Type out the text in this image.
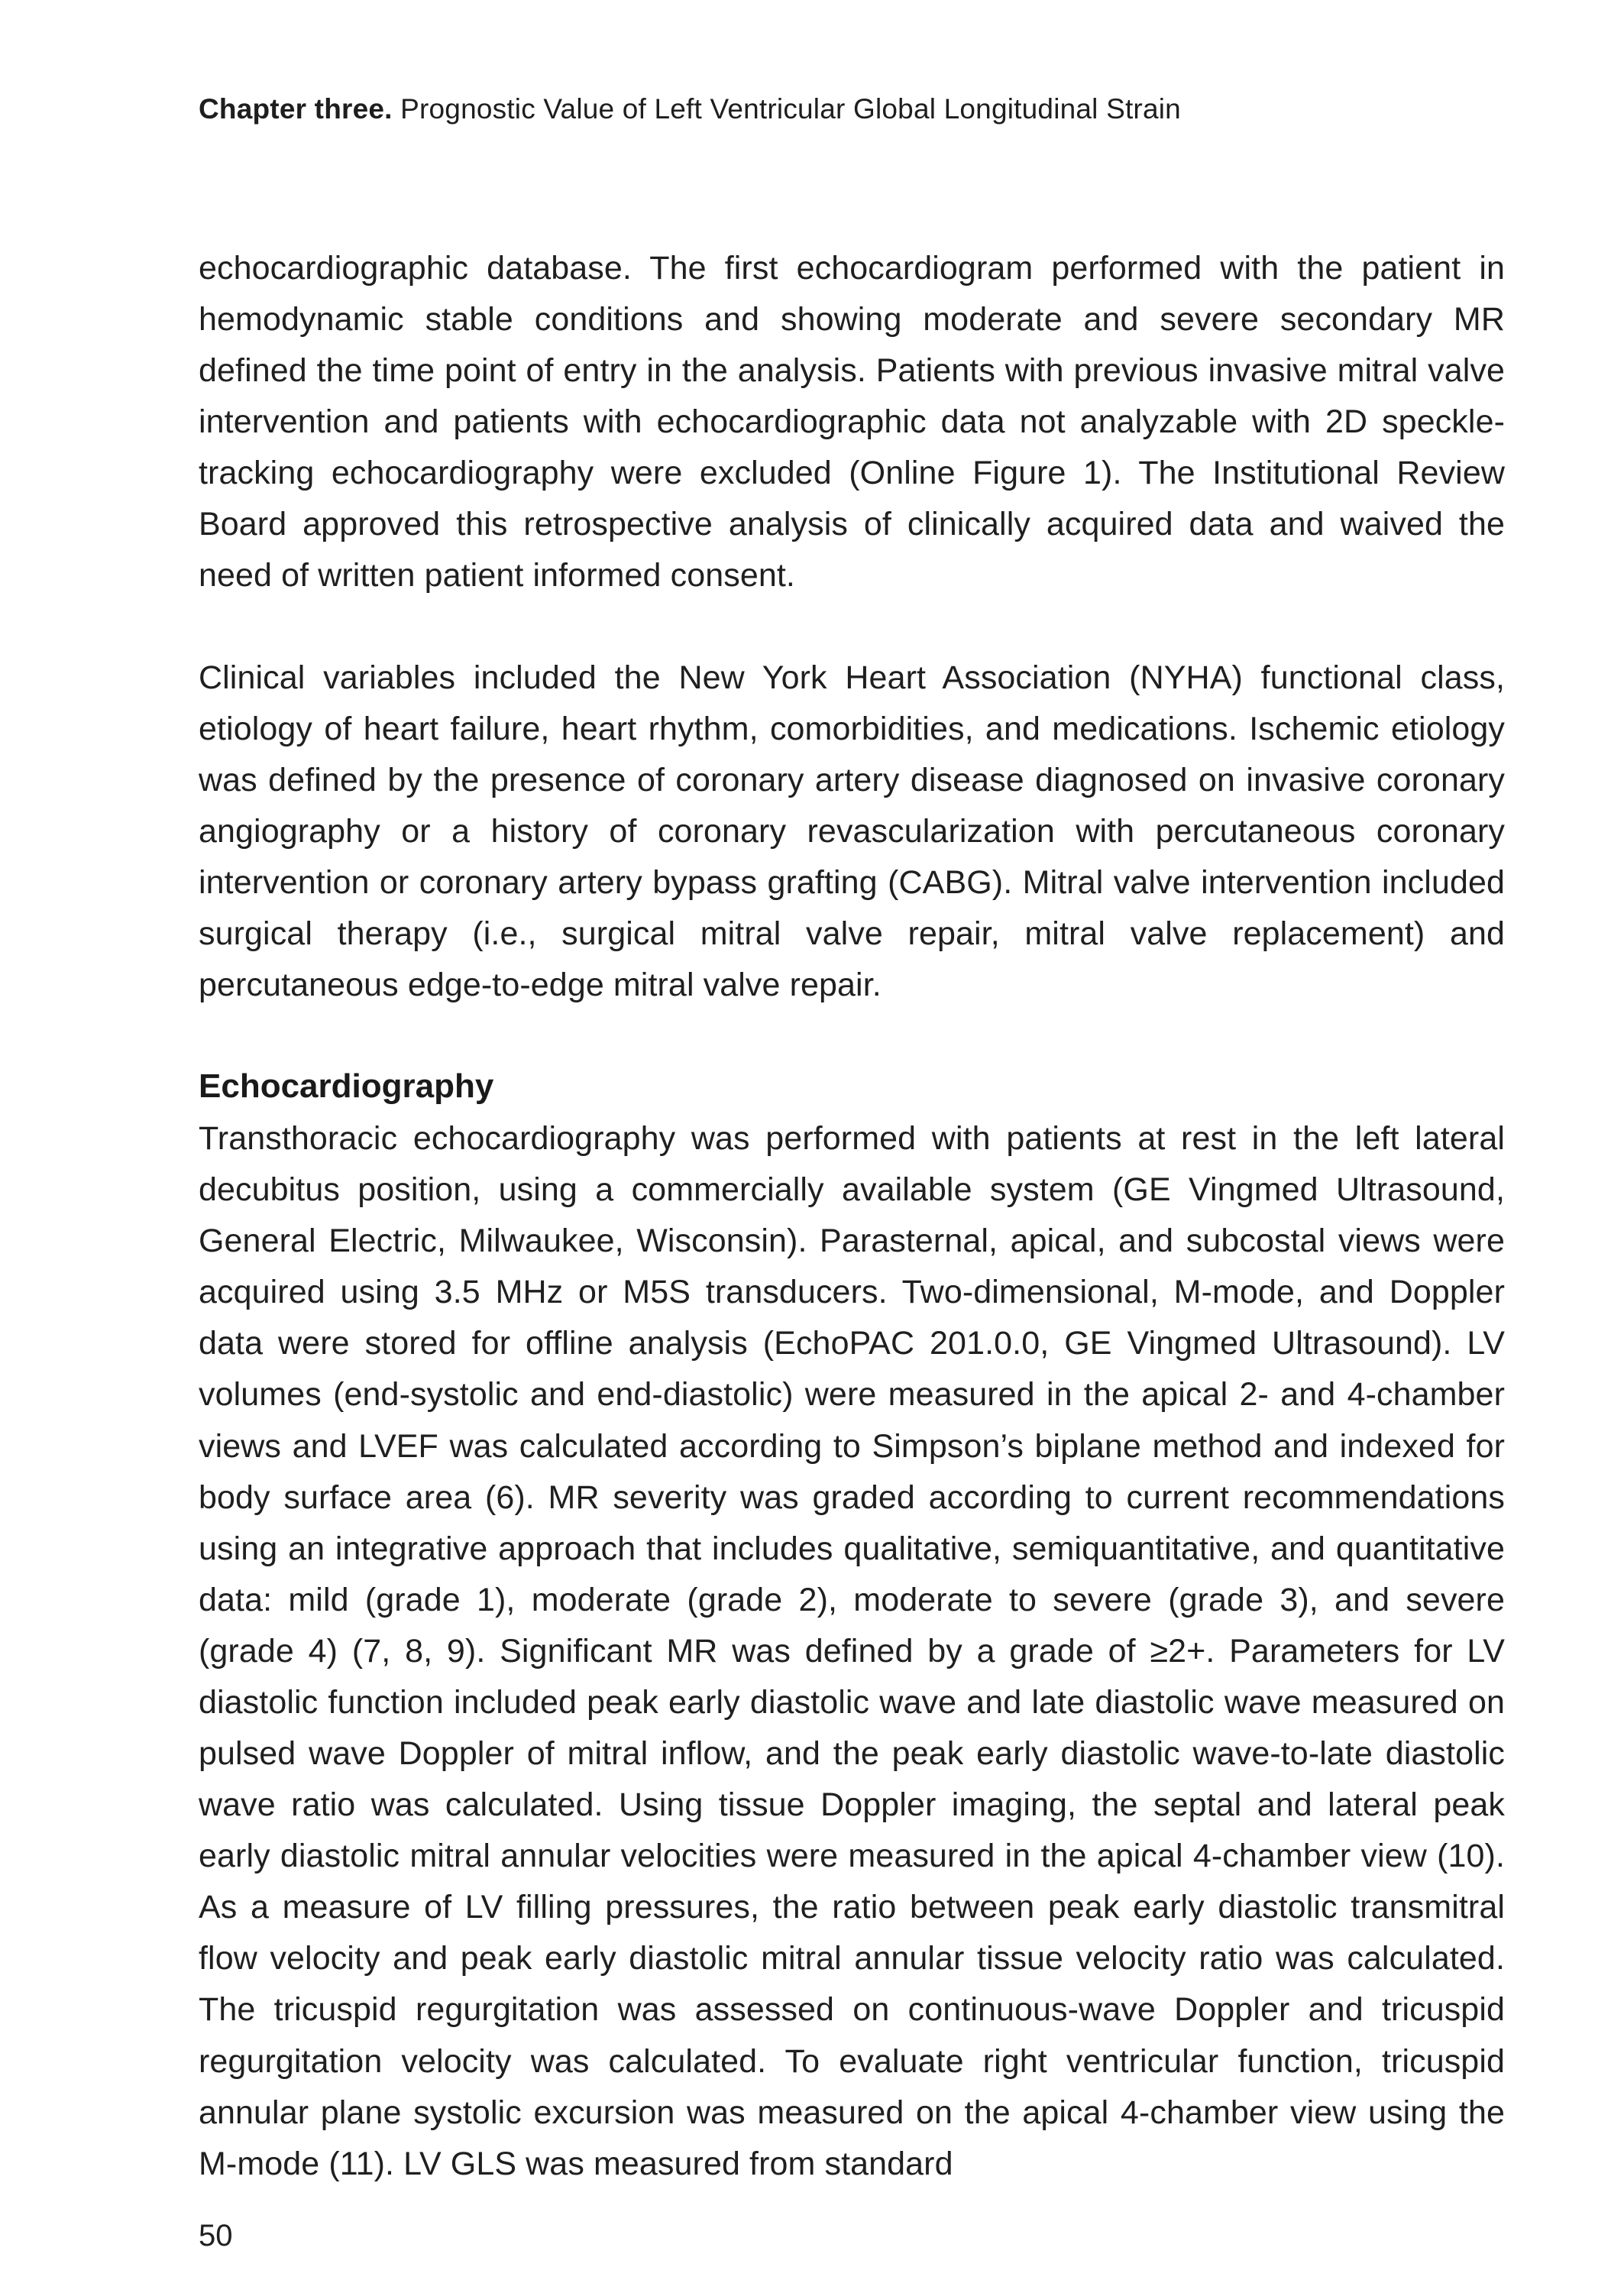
Chapter three. Prognostic Value of Left Ventricular Global Longitudinal Strain

echocardiographic database. The first echocardiogram performed with the patient in hemodynamic stable conditions and showing moderate and severe secondary MR defined the time point of entry in the analysis. Patients with previous invasive mitral valve intervention and patients with echocardiographic data not analyzable with 2D speckle-tracking echocardiography were excluded (Online Figure 1). The Institutional Review Board approved this retrospective analysis of clinically acquired data and waived the need of written patient informed consent.

Clinical variables included the New York Heart Association (NYHA) functional class, etiology of heart failure, heart rhythm, comorbidities, and medications. Ischemic etiology was defined by the presence of coronary artery disease diagnosed on invasive coronary angiography or a history of coronary revascularization with percutaneous coronary intervention or coronary artery bypass grafting (CABG). Mitral valve intervention included surgical therapy (i.e., surgical mitral valve repair, mitral valve replacement) and percutaneous edge-to-edge mitral valve repair.

Echocardiography

Transthoracic echocardiography was performed with patients at rest in the left lateral decubitus position, using a commercially available system (GE Vingmed Ultrasound, General Electric, Milwaukee, Wisconsin). Parasternal, apical, and subcostal views were acquired using 3.5 MHz or M5S transducers. Two-dimensional, M-mode, and Doppler data were stored for offline analysis (EchoPAC 201.0.0, GE Vingmed Ultrasound). LV volumes (end-systolic and end-diastolic) were measured in the apical 2- and 4-chamber views and LVEF was calculated according to Simpson’s biplane method and indexed for body surface area (6). MR severity was graded according to current recommendations using an integrative approach that includes qualitative, semiquantitative, and quantitative data: mild (grade 1), moderate (grade 2), moderate to severe (grade 3), and severe (grade 4) (7, 8, 9). Significant MR was defined by a grade of ≥2+. Parameters for LV diastolic function included peak early diastolic wave and late diastolic wave measured on pulsed wave Doppler of mitral inflow, and the peak early diastolic wave-to-late diastolic wave ratio was calculated. Using tissue Doppler imaging, the septal and lateral peak early diastolic mitral annular velocities were measured in the apical 4-chamber view (10). As a measure of LV filling pressures, the ratio between peak early diastolic transmitral flow velocity and peak early diastolic mitral annular tissue velocity ratio was calculated. The tricuspid regurgitation was assessed on continuous-wave Doppler and tricuspid regurgitation velocity was calculated. To evaluate right ventricular function, tricuspid annular plane systolic excursion was measured on the apical 4-chamber view using the M-mode (11). LV GLS was measured from standard

50
